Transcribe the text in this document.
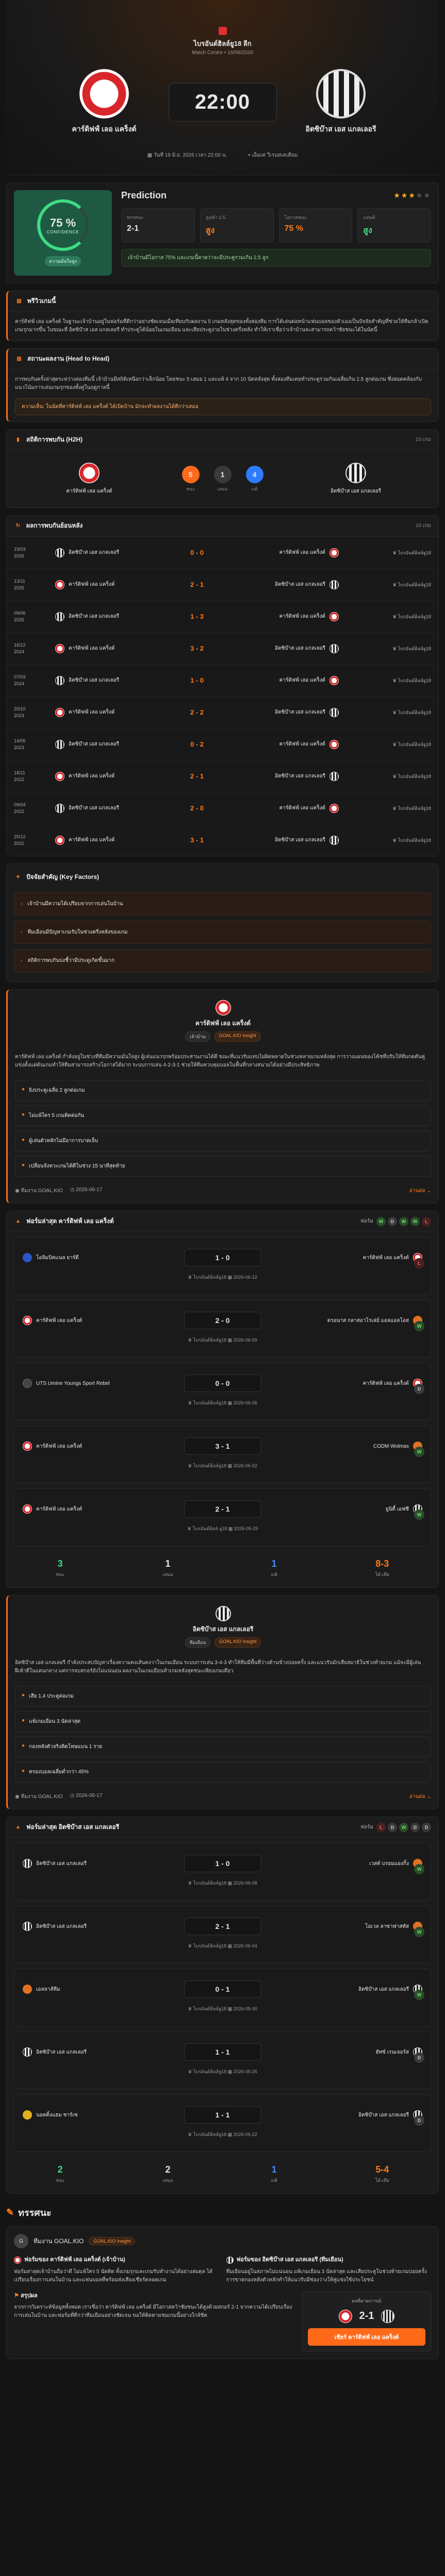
ไบรอันต์ฮิลล์ยู18 ลีก
Match Centre • 16/06/2026
คาร์ดิฟฟ์ เลอ แคร็งต์
22:00
อิตซิบ๊าส เอส แกลเลอรี
▦ วันที่ 19 มิ.ย. 2026 เวลา 22:00 น.	⌖ เอ็มเค่ วีเรนสเตเดียม
75 %
CONFIDENCE
ความมั่นใจสูง
Prediction	★★★★★
ทรรศนะ
2-1
สูง/ต่ำ 2.5
สูง
โอกาสชนะ
75 %
แฮนดิ
สูง
เจ้าบ้านมีโอกาส 75% และเกมนี้คาดว่าจะมีประตูรวมเกิน 2.5 ลูก
▤ พรีวิวเกมนี้
คาร์ดิฟฟ์ เลอ แคร็งต์ ในฐานะเจ้าบ้านอยู่ในฟอร์มที่ดีกว่าอย่างชัดเจนเมื่อเทียบกับผลงาน 5 เกมหลังสุดของทั้งสองทีม การได้เล่นต่อหน้าแฟนบอลของตัวเองเป็นปัจจัยสำคัญที่ช่วยให้ทีมกล้าเปิดเกมรุกมากขึ้น ในขณะที่ อิตซิบ๊าส เอส แกลเลอรี ทำประตูได้น้อยในเกมเยือน และเสียประตูง่ายในช่วงครึ่งหลัง ทำให้เราเชื่อว่าเจ้าบ้านจะสามารถคว้าชัยชนะได้ในนัดนี้
▥ สถานะผลงาน (Head to Head)
การพบกันครั้งล่าสุดระหว่างสองทีมนี้ เจ้าบ้านมีสถิติเหนือกว่าเล็กน้อย โดยชนะ 5 เสมอ 1 และแพ้ 4 จาก 10 นัดหลังสุด ทั้งสองทีมเคยทำประตูรวมกันเฉลี่ยเกิน 2.5 ลูกต่อเกม ซึ่งสอดคล้องกับแนวโน้มการเล่นเกมรุกของทั้งคู่ในฤดูกาลนี้
ความเห็น: ในนัดที่คาร์ดิฟฟ์ เลอ แคร็งต์ ได้เปิดบ้าน มักจะทำผลงานได้ดีกว่าเสมอ
▮	สถิติการพบกัน (H2H)	10 เกม
คาร์ดิฟฟ์ เลอ แคร็งต์
5
ชนะ
1
เสมอ
4
แพ้	อิตซิบ๊าส เอส แกลเลอรี
↻ ผลการพบกันย้อนหลัง	10 เกม
19/03
2026
อิตซิบ๊าส เอส แกลเลอรี	0 - 0	คาร์ดิฟฟ์ เลอ แคร็งต์	♛ ไบรอันต์ฮิลล์ยู18
13/11
2025
คาร์ดิฟฟ์ เลอ แคร็งต์	2 - 1	อิตซิบ๊าส เอส แกลเลอรี	♛ ไบรอันต์ฮิลล์ยู18
09/06
2025
อิตซิบ๊าส เอส แกลเลอรี	1 - 3	คาร์ดิฟฟ์ เลอ แคร็งต์	♛ ไบรอันต์ฮิลล์ยู18
16/12
2024
คาร์ดิฟฟ์ เลอ แคร็งต์	3 - 2	อิตซิบ๊าส เอส แกลเลอรี	♛ ไบรอันต์ฮิลล์ยู18
07/03
2024
อิตซิบ๊าส เอส แกลเลอรี	1 - 0	คาร์ดิฟฟ์ เลอ แคร็งต์	♛ ไบรอันต์ฮิลล์ยู18
20/10
2023
คาร์ดิฟฟ์ เลอ แคร็งต์	2 - 2	อิตซิบ๊าส เอส แกลเลอรี	♛ ไบรอันต์ฮิลล์ยู18
14/05
2023
อิตซิบ๊าส เอส แกลเลอรี	0 - 2	คาร์ดิฟฟ์ เลอ แคร็งต์	♛ ไบรอันต์ฮิลล์ยู18
18/11
2022
คาร์ดิฟฟ์ เลอ แคร็งต์	2 - 1	อิตซิบ๊าส เอส แกลเลอรี	♛ ไบรอันต์ฮิลล์ยู18
09/04
2022
อิตซิบ๊าส เอส แกลเลอรี	2 - 0	คาร์ดิฟฟ์ เลอ แคร็งต์	♛ ไบรอันต์ฮิลล์ยู18
25/12
2021
คาร์ดิฟฟ์ เลอ แคร็งต์	3 - 1	อิตซิบ๊าส เอส แกลเลอรี	♛ ไบรอันต์ฮิลล์ยู18
✦ ปัจจัยสำคัญ (Key Factors)
› เจ้าบ้านมีความได้เปรียบจากการเล่นในบ้าน
› ทีมเยือนมีปัญหาเกมรับในช่วงครึ่งหลังของเกม
› สถิติการพบกันบ่งชี้ว่ามีประตูเกิดขึ้นมาก
คาร์ดิฟฟ์ เลอ แคร็งต์
เจ้าบ้าน	GOAL.KIO Insight
คาร์ดิฟฟ์ เลอ แคร็งต์ กำลังอยู่ในช่วงที่ทีมมีความมั่นใจสูง ผู้เล่นแนวรุกพร้อมประสานงานได้ดี ขณะที่แนวรับแทบไม่ผิดพลาดในช่วงหลายเกมหลังสุด การวางแผนของโค้ชที่ปรับให้ทีมกดดันคู่แข่งตั้งแต่ต้นเกมทำให้ทีมสามารถสร้างโอกาสได้มาก ระบบการเล่น 4-2-3-1 ช่วยให้ทีมควบคุมบอลในพื้นที่กลางสนามได้อย่างมีประสิทธิภาพ
● ยิงประตูเฉลี่ย 2 ลูกต่อเกม
● ไม่แพ้ใคร 5 เกมติดต่อกัน
● ผู้เล่นตัวหลักไม่มีอาการบาดเจ็บ
● เปลี่ยนจังหวะเกมได้ดีในช่วง 15 นาทีสุดท้าย
◉ ทีมงาน GOAL.KIO ◷ 2026-06-17	อ่านต่อ ⌄
▲ ฟอร์มล่าสุด คาร์ดิฟฟ์ เลอ แคร็งต์	ฟอร์ม	W	D	W	W	L
โอลิมปิคแนล ยาร์ดี	1 - 0	คาร์ดิฟฟ์ เลอ แคร็งต์
♛ ไบรอันต์ฮิลล์ยู18 ▦ 2026-06-12
L
คาร์ดิฟฟ์ เลอ แคร็งต์	2 - 0	ดรอนาส กลาสอาโรเล่ย์ แอลแอลโอส
♛ ไบรอันต์ฮิลล์ยู18 ▦ 2026-06-09
W
UTS Umine Youngs Sport Rebel	0 - 0	คาร์ดิฟฟ์ เลอ แคร็งต์
♛ ไบรอันต์ฮิลล์ยู18 ▦ 2026-06-06
D
คาร์ดิฟฟ์ เลอ แคร็งต์	3 - 1	CODM Wolmas
♛ ไบรอันต์ฮิลล์ยู18 ▦ 2026-06-02
W
คาร์ดิฟฟ์ เลอ แคร็งต์	2 - 1	ยูนิตี้ เอฟซี
♛ ไบรอันต์ฮิลล์ ยู18 ▦ 2026-05-29
W
3
ชนะ
1
เสมอ
1
แพ้
8-3
ได้-เสีย
อิตซิบ๊าส เอส แกลเลอรี
ทีมเยือน	GOAL.KIO Insight
อิตซิบ๊าส เอส แกลเลอรี กำลังประสบปัญหาเรื่องความคงเส้นคงวาในเกมเยือน ระบบการเล่น 3-4-3 ทำให้ทีมมีพื้นที่ว่างด้านข้างบ่อยครั้ง และแนวรับมักเสียสมาธิในช่วงท้ายเกม แม้จะมีผู้เล่นฝีเท้าดีในแดนกลาง แต่การจบสกอร์ยังไม่แน่นอน ผลงานในเกมเยือนห้าเกมหลังสุดชนะเพียงเกมเดียว
● เสีย 1.4 ประตูต่อเกม
● แพ้เกมเยือน 3 นัดล่าสุด
● กองหลังตัวจริงติดโทษแบน 1 ราย
● ครองบอลเฉลี่ยต่ำกว่า 45%
◉ ทีมงาน GOAL.KIO ◷ 2026-06-17	อ่านต่อ ⌄
▲ ฟอร์มล่าสุด อิตซิบ๊าส เอส แกลเลอรี	ฟอร์ม	L	D	W	D	D
อิตซิบ๊าส เอส แกลเลอรี	1 - 0	เวสต์ บรอมแองกิ้ง
♛ ไบรอันต์ฮิลล์ยู18 ▦ 2026-06-08
W
อิตซิบ๊าส เอส แกลเลอรี	2 - 1	โอเวล ลาซาฟาสทัส
♛ ไบรอันต์ฮิลล์ยู18 ▦ 2026-06-04
W
เอลลาส์ทีม	0 - 1	อิตซิบ๊าส เอส แกลเลอรี
♛ ไบรอันต์ฮิลล์ยู18 ▦ 2026-05-30
W
อิตซิบ๊าส เอส แกลเลอรี	1 - 1	ฮัทซ์ เรนเจอร์ส
♛ ไบรอันต์ฮิลล์ยู18 ▦ 2026-05-26
D
นอตติ้งแฮม ซาร์เซ	1 - 1	อิตซิบ๊าส เอส แกลเลอรี
♛ ไบรอันต์ฮิลล์ยู18 ▦ 2026-05-22
D
2
ชนะ
2
เสมอ
1
แพ้
5-4
ได้-เสีย
✎ ทรรศนะ
G	ทีมงาน GOAL.KIO	GOAL.KIO Insight
ฟอร์มของ คาร์ดิฟฟ์ เลอ แคร็งต์ (เจ้าบ้าน)

ฟอร์มล่าสุดเจ้าบ้านถือว่าดี ไม่แพ้ใคร 5 นัดติด ทั้งเกมรุกและเกมรับทำงานได้อย่างสมดุล ได้เปรียบเรื่องการเล่นในบ้าน และแฟนบอลที่พร้อมส่งเสียงเชียร์ตลอดเกม

ฟอร์มของ อิตซิบ๊าส เอส แกลเลอรี (ทีมเยือน)

ทีมเยือนอยู่ในสภาพไม่แน่นอน แพ้เกมเยือน 3 นัดล่าสุด และเสียประตูในช่วงท้ายเกมบ่อยครั้ง การขาดกองหลังตัวหลักทำให้แนวรับมีช่องว่างให้คู่แข่งใช้ประโยชน์

⚑ สรุปผล

จากการวิเคราะห์ข้อมูลทั้งหมด เราเชื่อว่า คาร์ดิฟฟ์ เลอ แคร็งต์ มีโอกาสคว้าชัยชนะได้สูงด้วยสกอร์ 2-1 จากความได้เปรียบเรื่องการเล่นในบ้าน และฟอร์มที่ดีกว่าทีมเยือนอย่างชัดเจน ขอให้ติดตามชมเกมนี้อย่างใกล้ชิด

ผลที่คาดการณ์
2-1
เชียร์ คาร์ดิฟฟ์ เลอ แคร็งต์
